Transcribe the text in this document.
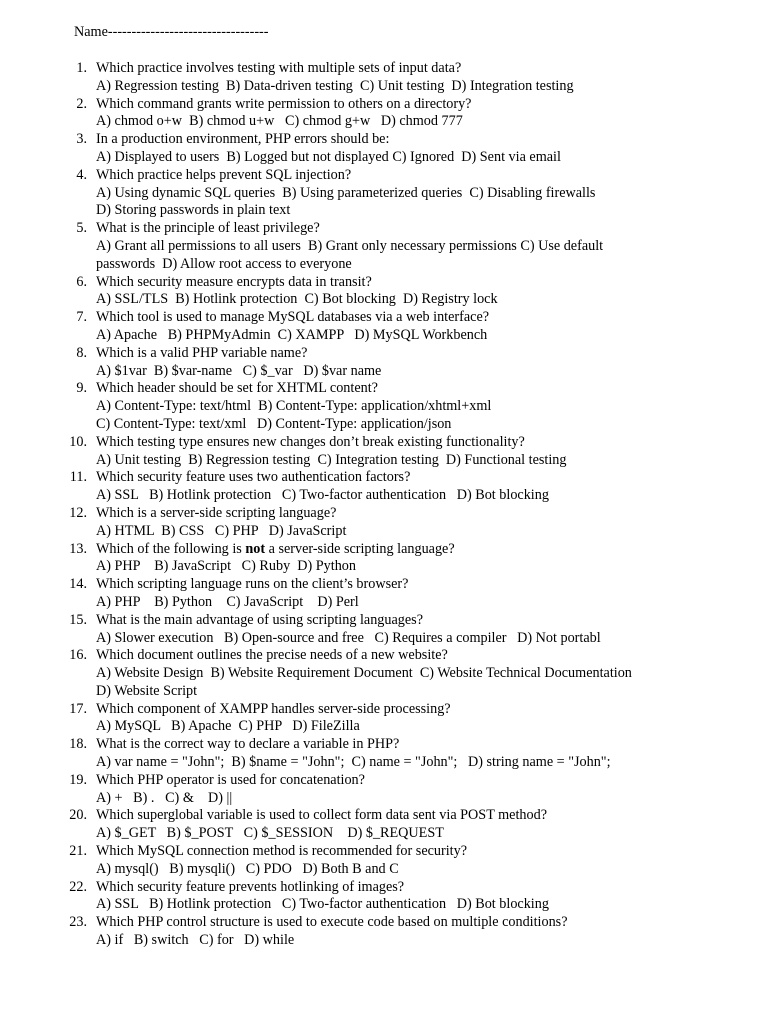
Name----------------------------------
1. Which practice involves testing with multiple sets of input data?
A) Regression testing  B) Data-driven testing  C) Unit testing  D) Integration testing
2. Which command grants write permission to others on a directory?
A) chmod o+w  B) chmod u+w   C) chmod g+w   D) chmod 777
3. In a production environment, PHP errors should be:
A) Displayed to users  B) Logged but not displayed C) Ignored  D) Sent via email
4. Which practice helps prevent SQL injection?
A) Using dynamic SQL queries  B) Using parameterized queries  C) Disabling firewalls
D) Storing passwords in plain text
5. What is the principle of least privilege?
A) Grant all permissions to all users  B) Grant only necessary permissions C) Use default
passwords  D) Allow root access to everyone
6. Which security measure encrypts data in transit?
A) SSL/TLS  B) Hotlink protection  C) Bot blocking  D) Registry lock
7. Which tool is used to manage MySQL databases via a web interface?
A) Apache   B) PHPMyAdmin  C) XAMPP   D) MySQL Workbench
8. Which is a valid PHP variable name?
A) $1var  B) $var-name   C) $_var   D) $var name
9. Which header should be set for XHTML content?
A) Content-Type: text/html  B) Content-Type: application/xhtml+xml
C) Content-Type: text/xml   D) Content-Type: application/json
10. Which testing type ensures new changes don’t break existing functionality?
A) Unit testing  B) Regression testing  C) Integration testing  D) Functional testing
11. Which security feature uses two authentication factors?
A) SSL   B) Hotlink protection   C) Two-factor authentication   D) Bot blocking
12. Which is a server-side scripting language?
A) HTML  B) CSS   C) PHP   D) JavaScript
13. Which of the following is not a server-side scripting language?
A) PHP    B) JavaScript   C) Ruby  D) Python
14. Which scripting language runs on the client’s browser?
A) PHP    B) Python    C) JavaScript    D) Perl
15. What is the main advantage of using scripting languages?
A) Slower execution   B) Open-source and free   C) Requires a compiler   D) Not portabl
16. Which document outlines the precise needs of a new website?
A) Website Design  B) Website Requirement Document  C) Website Technical Documentation
D) Website Script
17. Which component of XAMPP handles server-side processing?
A) MySQL   B) Apache  C) PHP   D) FileZilla
18. What is the correct way to declare a variable in PHP?
A) var name = "John";  B) $name = "John";  C) name = "John";   D) string name = "John";
19. Which PHP operator is used for concatenation?
A) +   B) .   C) &    D) ||
20. Which superglobal variable is used to collect form data sent via POST method?
A) $_GET   B) $_POST   C) $_SESSION    D) $_REQUEST
21. Which MySQL connection method is recommended for security?
A) mysql()   B) mysqli()   C) PDO   D) Both B and C
22. Which security feature prevents hotlinking of images?
A) SSL   B) Hotlink protection   C) Two-factor authentication   D) Bot blocking
23. Which PHP control structure is used to execute code based on multiple conditions?
A) if   B) switch   C) for   D) while
